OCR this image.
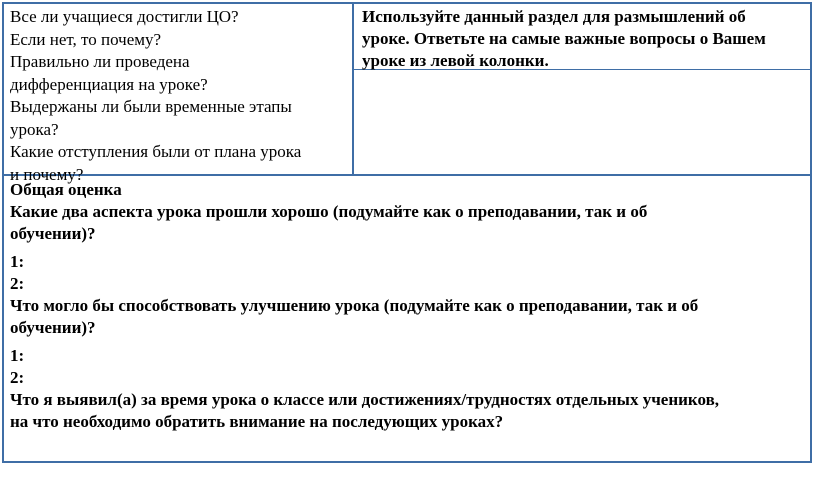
Все ли учащиеся достигли ЦО?
Если нет, то почему?
Правильно ли проведена
дифференциация на уроке?
Выдержаны ли были временные этапы
урока?
Какие отступления были от плана урока
и почему?
Используйте данный раздел для размышлений об
уроке. Ответьте на самые важные вопросы о Вашем
уроке из левой колонки.
Общая оценка
Какие два аспекта урока прошли хорошо (подумайте как о преподавании, так и об
обучении)?
1:
2:
Что могло бы способствовать улучшению урока (подумайте как о преподавании, так и об
обучении)?
1:
2:
Что я выявил(а) за время урока о классе или достижениях/трудностях отдельных учеников,
на что необходимо обратить внимание на последующих уроках?
